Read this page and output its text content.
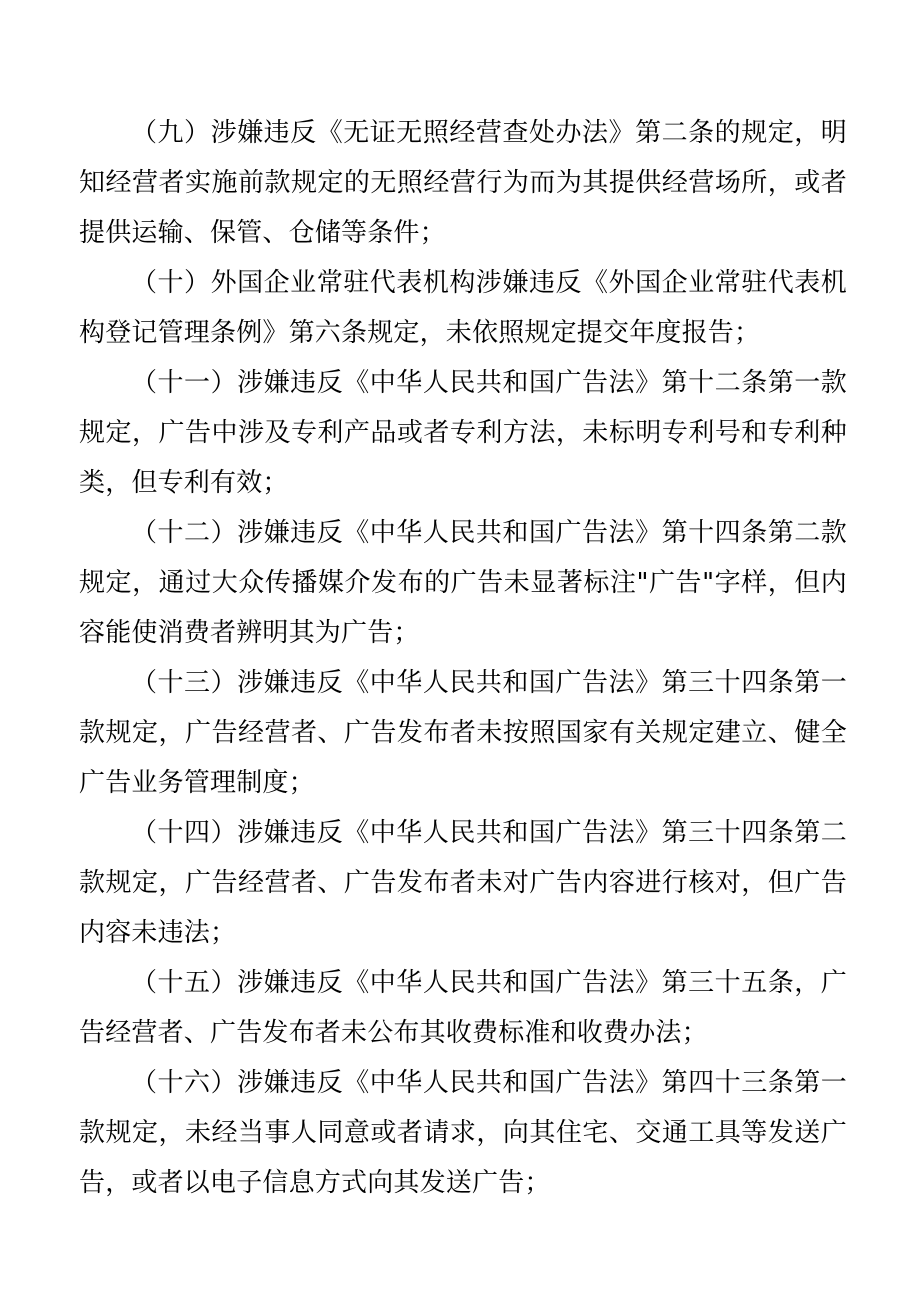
（九）涉嫌违反《无证无照经营查处办法》第二条的规定，明知经营者实施前款规定的无照经营行为而为其提供经营场所，或者提供运输、保管、仓储等条件；

（十）外国企业常驻代表机构涉嫌违反《外国企业常驻代表机构登记管理条例》第六条规定，未依照规定提交年度报告；

（十一）涉嫌违反《中华人民共和国广告法》第十二条第一款规定，广告中涉及专利产品或者专利方法，未标明专利号和专利种类，但专利有效；

（十二）涉嫌违反《中华人民共和国广告法》第十四条第二款规定，通过大众传播媒介发布的广告未显著标注"广告"字样，但内容能使消费者辨明其为广告；

（十三）涉嫌违反《中华人民共和国广告法》第三十四条第一款规定，广告经营者、广告发布者未按照国家有关规定建立、健全广告业务管理制度；

（十四）涉嫌违反《中华人民共和国广告法》第三十四条第二款规定，广告经营者、广告发布者未对广告内容进行核对，但广告内容未违法；

（十五）涉嫌违反《中华人民共和国广告法》第三十五条，广告经营者、广告发布者未公布其收费标准和收费办法；

（十六）涉嫌违反《中华人民共和国广告法》第四十三条第一款规定，未经当事人同意或者请求，向其住宅、交通工具等发送广告，或者以电子信息方式向其发送广告；
